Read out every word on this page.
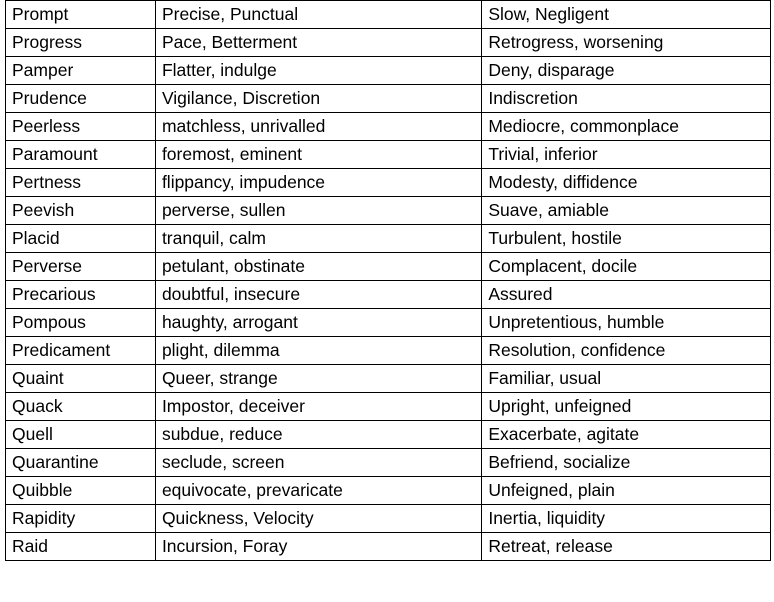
Prompt	Precise, Punctual	Slow, Negligent
Progress	Pace, Betterment	Retrogress, worsening
Pamper	Flatter, indulge	Deny, disparage
Prudence	Vigilance, Discretion	Indiscretion
Peerless	matchless, unrivalled	Mediocre, commonplace
Paramount	foremost, eminent	Trivial, inferior
Pertness	flippancy, impudence	Modesty, diffidence
Peevish	perverse, sullen	Suave, amiable
Placid	tranquil, calm	Turbulent, hostile
Perverse	petulant, obstinate	Complacent, docile
Precarious	doubtful, insecure	Assured
Pompous	haughty, arrogant	Unpretentious, humble
Predicament	plight, dilemma	Resolution, confidence
Quaint	Queer, strange	Familiar, usual
Quack	Impostor, deceiver	Upright, unfeigned
Quell	subdue, reduce	Exacerbate, agitate
Quarantine	seclude, screen	Befriend, socialize
Quibble	equivocate, prevaricate	Unfeigned, plain
Rapidity	Quickness, Velocity	Inertia, liquidity
Raid	Incursion, Foray	Retreat, release
